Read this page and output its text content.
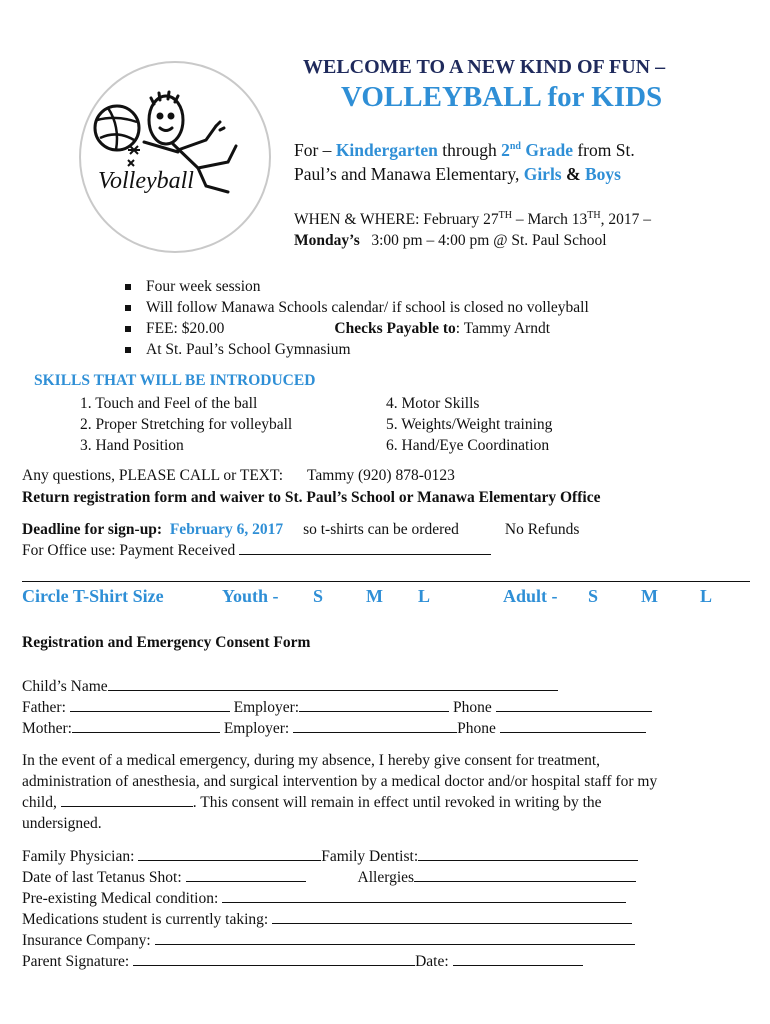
WELCOME TO A NEW KIND OF FUN –
VOLLEYBALL for KIDS
Volleyball
For – Kindergarten through 2nd Grade from St.
Paul’s and Manawa Elementary, Girls & Boys
WHEN & WHERE: February 27TH – March 13TH, 2017 –
Monday’s 3:00 pm – 4:00 pm @ St. Paul School
Four week session
Will follow Manawa Schools calendar/ if school is closed no volleyball
FEE: $20.00	Checks Payable to: Tammy Arndt
At St. Paul’s School Gymnasium
SKILLS THAT WILL BE INTRODUCED
1. Touch and Feel of the ball
2. Proper Stretching for volleyball
3. Hand Position
4. Motor Skills
5. Weights/Weight training
6. Hand/Eye Coordination
Any questions, PLEASE CALL or TEXT: Tammy (920) 878-0123
Return registration form and waiver to St. Paul’s School or Manawa Elementary Office
Deadline for sign-up: February 6, 2017 so t-shirts can be ordered	No Refunds
For Office use: Payment Received
Circle T-Shirt Size	Youth - S M L	Adult - S M L
Registration and Emergency Consent Form
Child’s Name
Father:	Employer:	Phone
Mother:	Employer:	Phone
In the event of a medical emergency, during my absence, I hereby give consent for treatment,
administration of anesthesia, and surgical intervention by a medical doctor and/or hospital staff for my
child,	. This consent will remain in effect until revoked in writing by the
undersigned.
Family Physician:	Family Dentist:
Date of last Tetanus Shot:	Allergies
Pre-existing Medical condition:
Medications student is currently taking:
Insurance Company:
Parent Signature:	Date:
